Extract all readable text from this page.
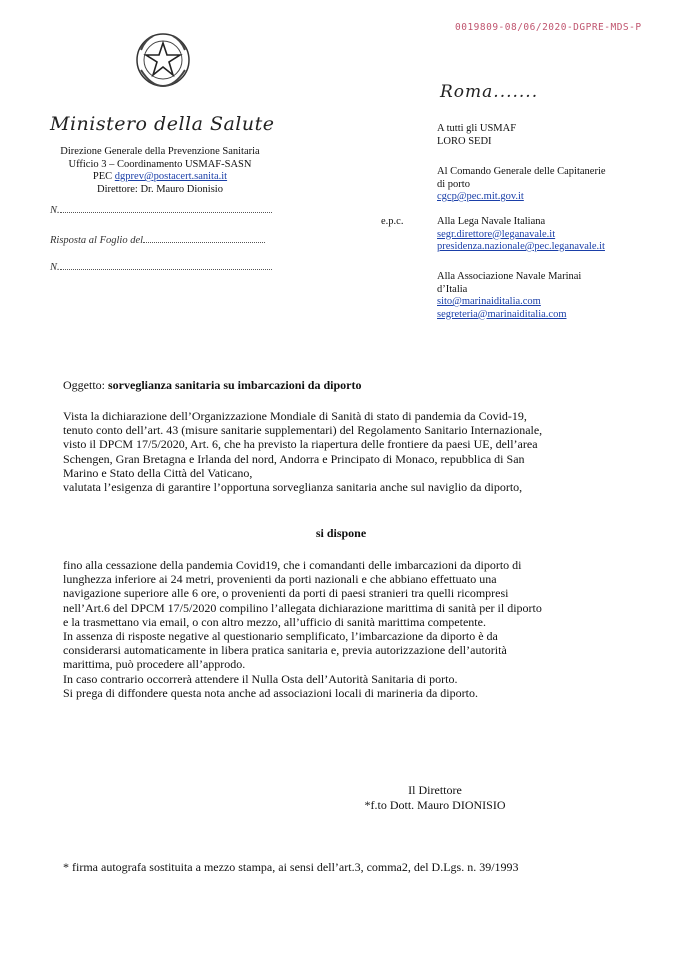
0019809-08/06/2020-DGPRE-MDS-P
Roma.......
Ministero della Salute
Direzione Generale della Prevenzione Sanitaria
Ufficio 3 – Coordinamento USMAF-SASN
PEC dgprev@postacert.sanita.it
Direttore: Dr. Mauro Dionisio
N.
Risposta al Foglio del
N.
A tutti gli USMAF
LORO SEDI
Al Comando Generale delle Capitanerie
di porto
cgcp@pec.mit.gov.it
e.p.c.	Alla Lega Navale Italiana
segr.direttore@leganavale.it
presidenza.nazionale@pec.leganavale.it
Alla Associazione Navale Marinai
d’Italia
sito@marinaiditalia.com
segreteria@marinaiditalia.com
Oggetto: sorveglianza sanitaria su imbarcazioni da diporto

Vista la dichiarazione dell’Organizzazione Mondiale di Sanità di stato di pandemia da Covid-19,

tenuto conto dell’art. 43 (misure sanitarie supplementari) del Regolamento Sanitario Internazionale,

visto il DPCM 17/5/2020, Art. 6, che ha previsto la riapertura delle frontiere da paesi UE, dell’area

Schengen, Gran Bretagna e Irlanda del nord, Andorra e Principato di Monaco, repubblica di San

Marino e Stato della Città del Vaticano,

valutata l’esigenza di garantire l’opportuna sorveglianza sanitaria anche sul naviglio da diporto,

si dispone

fino alla cessazione della pandemia Covid19, che i comandanti delle imbarcazioni da diporto di

lunghezza inferiore ai 24 metri, provenienti da porti nazionali e che abbiano effettuato una

navigazione superiore alle 6 ore, o provenienti da porti di paesi stranieri tra quelli ricompresi

nell’Art.6 del DPCM 17/5/2020 compilino l’allegata dichiarazione marittima di sanità per il diporto

e la trasmettano via email, o con altro mezzo, all’ufficio di sanità marittima competente.

In assenza di risposte negative al questionario semplificato, l’imbarcazione da diporto è da

considerarsi automaticamente in libera pratica sanitaria e, previa autorizzazione dell’autorità

marittima, può procedere all’approdo.

In caso contrario occorrerà attendere il Nulla Osta dell’Autorità Sanitaria di porto.

Si prega di diffondere questa nota anche ad associazioni locali di marineria da diporto.

Il Direttore
*f.to Dott. Mauro DIONISIO
* firma autografa sostituita a mezzo stampa, ai sensi dell’art.3, comma2, del D.Lgs. n. 39/1993
